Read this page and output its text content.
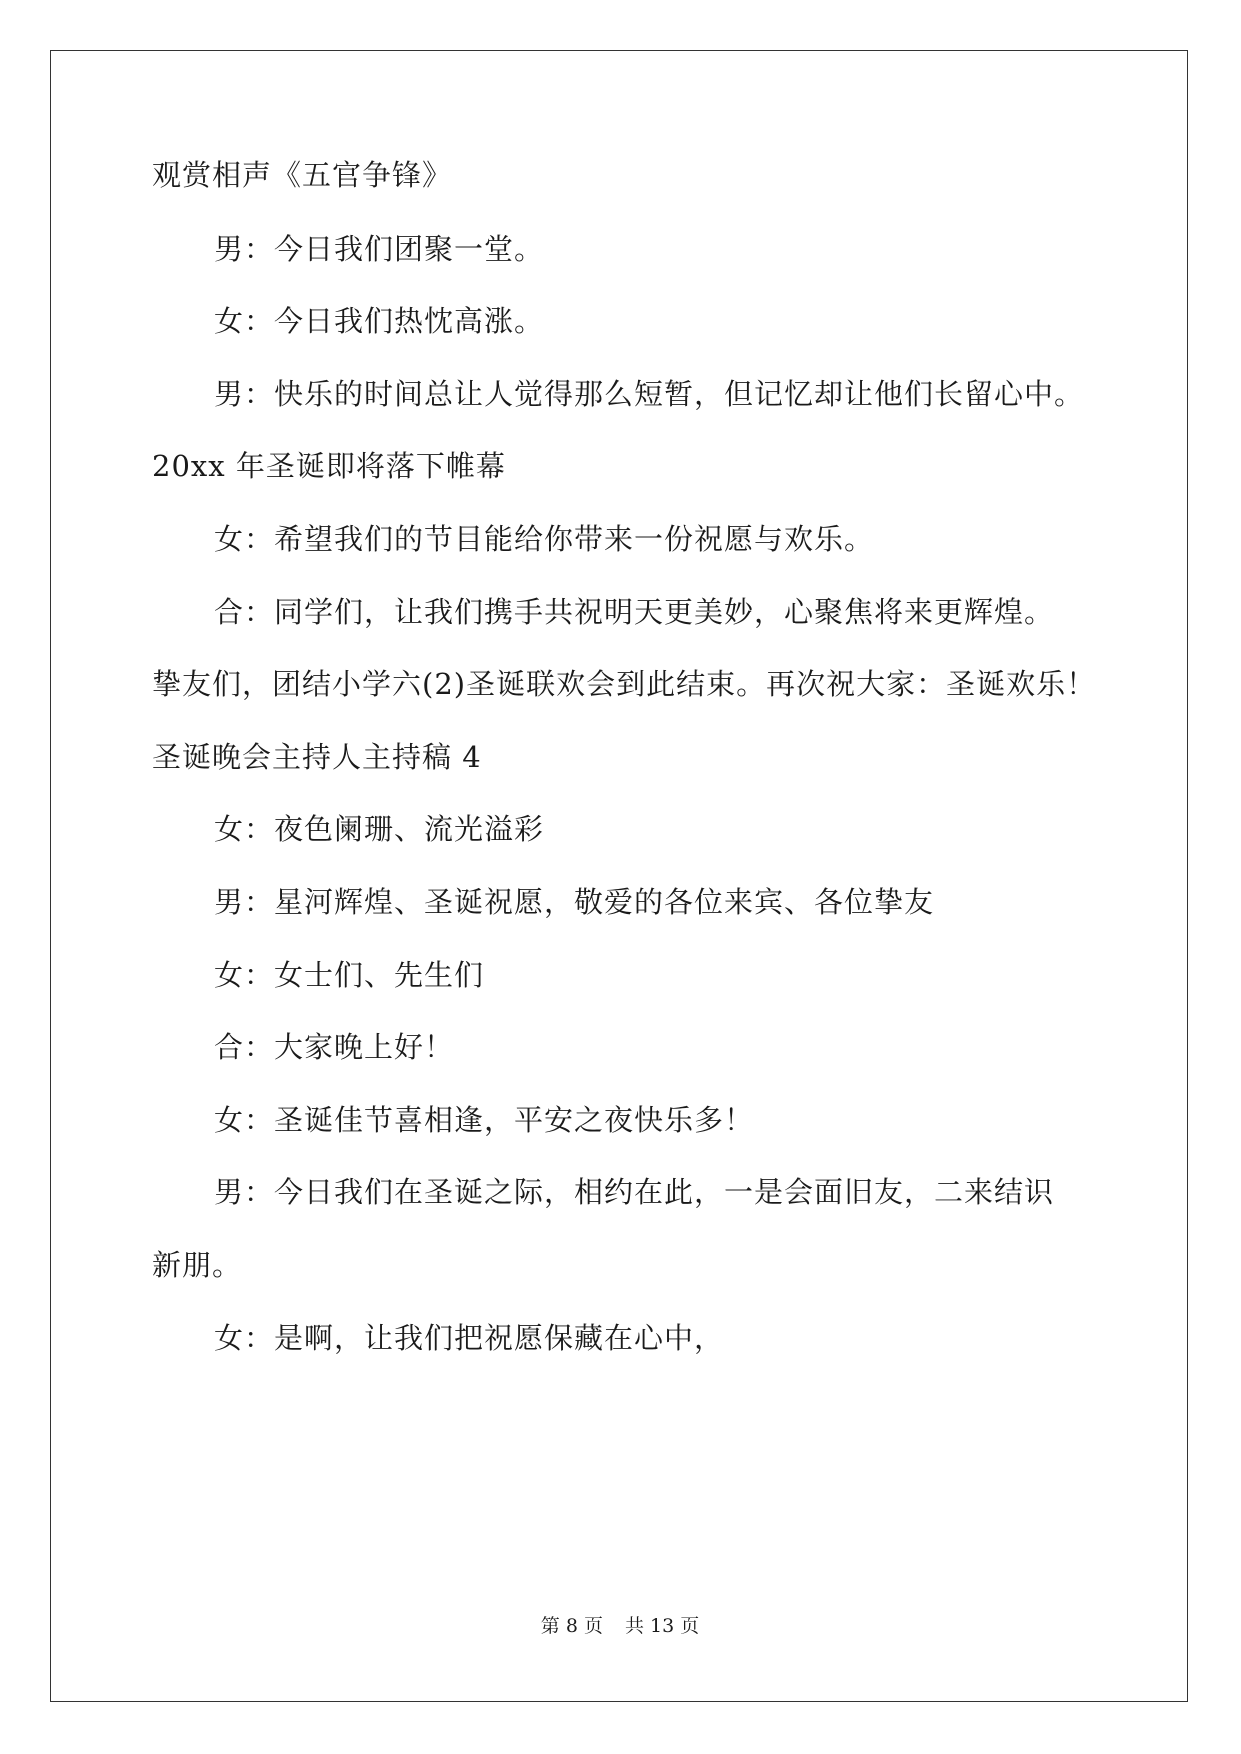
观赏相声《五官争锋》
男：今日我们团聚一堂。
女：今日我们热忱高涨。
男：快乐的时间总让人觉得那么短暂，但记忆却让他们长留心中。
20xx 年圣诞即将落下帷幕
女：希望我们的节目能给你带来一份祝愿与欢乐。
合：同学们，让我们携手共祝明天更美妙，心聚焦将来更辉煌。
挚友们，团结小学六(2)圣诞联欢会到此结束。再次祝大家：圣诞欢乐！
圣诞晚会主持人主持稿 4
女：夜色阑珊、流光溢彩
男：星河辉煌、圣诞祝愿，敬爱的各位来宾、各位挚友
女：女士们、先生们
合：大家晚上好！
女：圣诞佳节喜相逢，平安之夜快乐多！
男：今日我们在圣诞之际，相约在此，一是会面旧友，二来结识
新朋。
女：是啊，让我们把祝愿保藏在心中，
第 8 页 共 13 页
